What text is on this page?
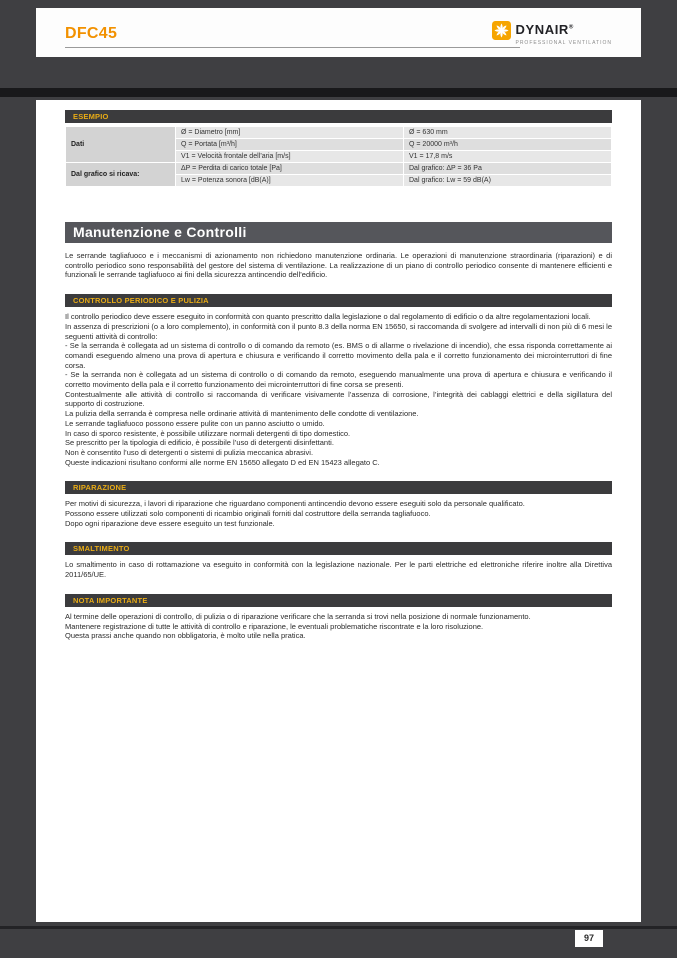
DFC45	DYNAIR®
PROFESSIONAL VENTILATION
ESEMPIO
Dati	Ø = Diametro [mm]	Ø = 630 mm
	Q = Portata [m³/h]	Q = 20000 m³/h
	V1 = Velocità frontale dell’aria [m/s]	V1 = 17,8 m/s
Dal grafico si ricava:	ΔP = Perdita di carico totale [Pa]	Dal grafico: ΔP = 36 Pa
	Lw = Potenza sonora [dB(A)]	Dal grafico: Lw = 59 dB(A)
Manutenzione e Controlli
Le serrande tagliafuoco e i meccanismi di azionamento non richiedono manutenzione ordinaria. Le operazioni di manutenzione straordinaria (riparazioni) e di controllo periodico sono responsabilità del gestore del sistema di ventilazione. La realizzazione di un piano di controllo periodico consente di mantenere efficienti e funzionali le serrande tagliafuoco ai fini della sicurezza antincendio dell’edificio.
CONTROLLO PERIODICO E PULIZIA

Il controllo periodico deve essere eseguito in conformità con quanto prescritto dalla legislazione o dal regolamento di edificio o da altre regolamentazioni locali.

In assenza di prescrizioni (o a loro complemento), in conformità con il punto 8.3 della norma EN 15650, si raccomanda di svolgere ad intervalli di non più di 6 mesi le seguenti attività di controllo:

- Se la serranda è collegata ad un sistema di controllo o di comando da remoto (es. BMS o di allarme o rivelazione di incendio), che essa risponda correttamente ai comandi eseguendo almeno una prova di apertura e chiusura e verificando il corretto movimento della pala e il corretto funzionamento dei microinterruttori di fine corsa.

- Se la serranda non è collegata ad un sistema di controllo o di comando da remoto, eseguendo manualmente una prova di apertura e chiusura e verificando il corretto movimento della pala e il corretto funzionamento dei microinterruttori di fine corsa se presenti.

Contestualmente alle attività di controllo si raccomanda di verificare visivamente l’assenza di corrosione, l’integrità dei cablaggi elettrici e della sigillatura del supporto di costruzione.

La pulizia della serranda è compresa nelle ordinarie attività di mantenimento delle condotte di ventilazione.

Le serrande tagliafuoco possono essere pulite con un panno asciutto o umido.

In caso di sporco resistente, è possibile utilizzare normali detergenti di tipo domestico.

Se prescritto per la tipologia di edificio, è possibile l’uso di detergenti disinfettanti.

Non è consentito l’uso di detergenti o sistemi di pulizia meccanica abrasivi.

Queste indicazioni risultano conformi alle norme EN 15650 allegato D ed EN 15423 allegato C.

RIPARAZIONE

Per motivi di sicurezza, i lavori di riparazione che riguardano componenti antincendio devono essere eseguiti solo da personale qualificato.

Possono essere utilizzati solo componenti di ricambio originali forniti dal costruttore della serranda tagliafuoco.

Dopo ogni riparazione deve essere eseguito un test funzionale.

SMALTIMENTO

Lo smaltimento in caso di rottamazione va eseguito in conformità con la legislazione nazionale. Per le parti elettriche ed elettroniche riferire inoltre alla Direttiva 2011/65/UE.

NOTA IMPORTANTE

Al termine delle operazioni di controllo, di pulizia o di riparazione verificare che la serranda si trovi nella posizione di normale funzionamento.

Mantenere registrazione di tutte le attività di controllo e riparazione, le eventuali problematiche riscontrate e la loro risoluzione.

Questa prassi anche quando non obbligatoria, è molto utile nella pratica.

97
